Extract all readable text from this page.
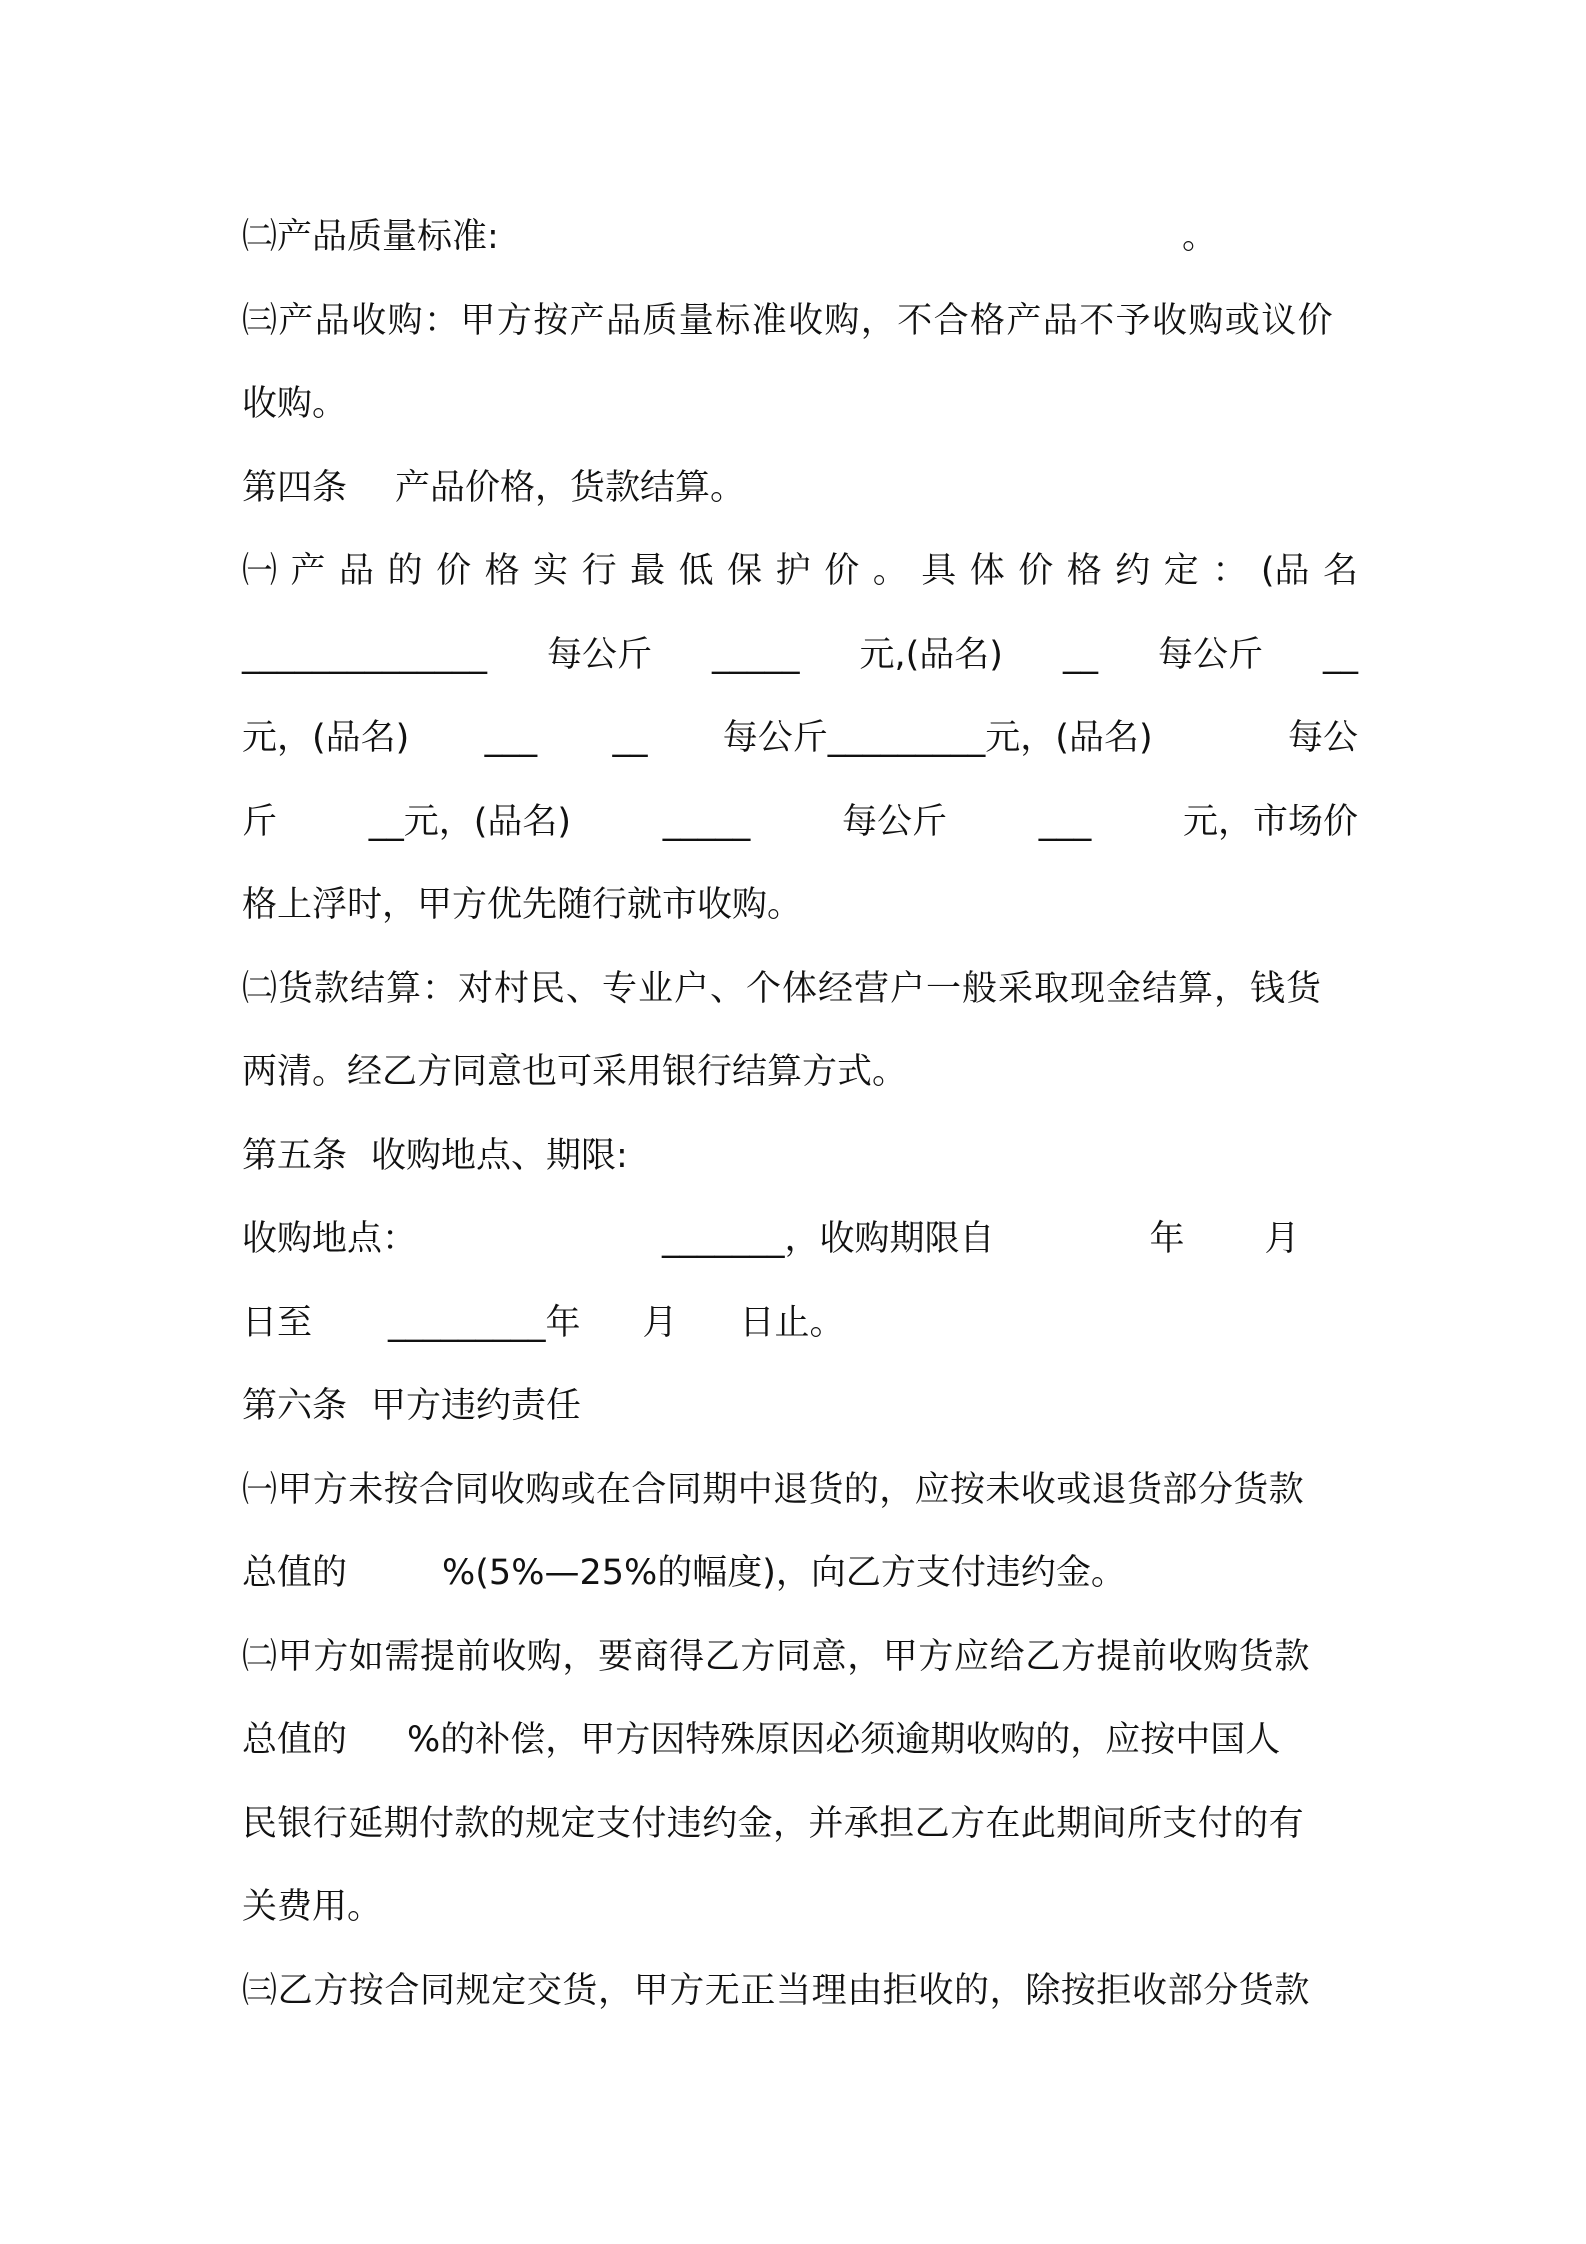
㈡产品质量标准:	。
㈢产品收购：甲方按产品质量标准收购，不合格产品不予收购或议价
收购。
第四条 产品价格，货款结算。
㈠ 产 品 的 价 格 实 行 最 低 保 护 价 。 具 体 价 格 约 定 ： (品 名
______________ 每公斤 _____ 元,(品名) __ 每公斤 __
元，(品名) ___ __ 每公斤_________元，(品名)	每公
斤	__元，(品名)	_____	每公斤	___	元，市场价
格上浮时，甲方优先随行就市收购。
㈡货款结算：对村民、专业户、个体经营户一般采取现金结算，钱货
两清。经乙方同意也可采用银行结算方式。
第五条 收购地点、期限:
收购地点：	_______，收购期限自	年 月
日至 _________年 月 日止。
第六条 甲方违约责任
㈠甲方未按合同收购或在合同期中退货的，应按未收或退货部分货款
总值的	%(5%—25%的幅度)，向乙方支付违约金。
㈡甲方如需提前收购，要商得乙方同意，甲方应给乙方提前收购货款
总值的 %的补偿，甲方因特殊原因必须逾期收购的，应按中国人
民银行延期付款的规定支付违约金，并承担乙方在此期间所支付的有
关费用。
㈢乙方按合同规定交货，甲方无正当理由拒收的，除按拒收部分货款
